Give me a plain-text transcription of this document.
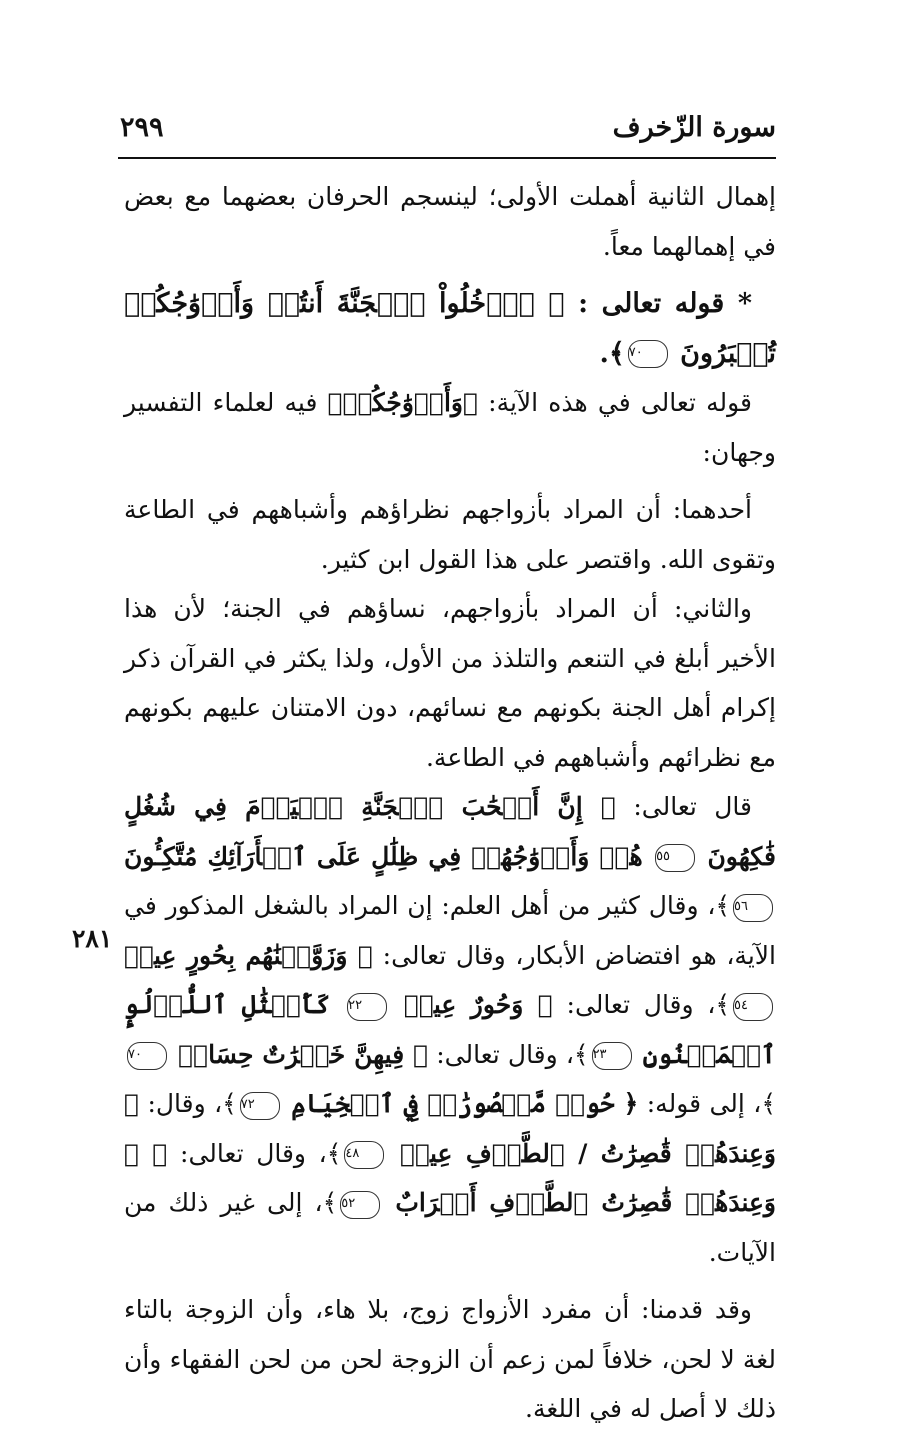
سورة الزّخرف
٢٩٩
٢٨١

إهمال الثانية أهملت الأولى؛ لينسجم الحرفان بعضهما مع بعض في إهمالهما معاً.

* قوله تعالى : ﴿ ٱدۡخُلُواْ ٱلۡجَنَّةَ أَنتُمۡ وَأَزۡوَٰجُكُمۡ تُحۡبَرُونَ ٧٠﴾.

قوله تعالى في هذه الآية: ﴿وَأَزۡوَٰجُكُمۡ﴾ فيه لعلماء التفسير وجهان:

أحدهما: أن المراد بأزواجهم نظراؤهم وأشباههم في الطاعة وتقوى الله. واقتصر على هذا القول ابن كثير.

والثاني: أن المراد بأزواجهم، نساؤهم في الجنة؛ لأن هذا الأخير أبلغ في التنعم والتلذذ من الأول، ولذا يكثر في القرآن ذكر إكرام أهل الجنة بكونهم مع نسائهم، دون الامتنان عليهم بكونهم مع نظرائهم وأشباههم في الطاعة.

قال تعالى: ﴿ إِنَّ أَصۡحَٰبَ ٱلۡجَنَّةِ ٱلۡيَوۡمَ فِي شُغُلٍ فَٰكِهُونَ ٥٥ هُمۡ وَأَزۡوَٰجُهُمۡ فِي ظِلَٰلٍ عَلَى ٱلۡأَرَآئِكِ مُتَّكِـُٔونَ ٥٦﴾، وقال كثير من أهل العلم: إن المراد بالشغل المذكور في الآية، هو افتضاض الأبكار، وقال تعالى: ﴿ وَزَوَّجۡنَٰهُم بِحُورٍ عِينٖ ٥٤﴾، وقال تعالى: ﴿ وَحُورٌ عِينٞ ٢٢ كَأَمۡثَٰلِ ٱللُّؤۡلُوِٕ ٱلۡمَكۡنُونِ ٢٣﴾، وقال تعالى: ﴿ فِيهِنَّ خَيۡرَٰتٌ حِسَانٞ ٧٠﴾، إلى قوله: ﴿ حُورٞ مَّقۡصُورَٰتٞ فِي ٱلۡخِيَامِ ٧٢﴾، وقال: ﴿ وَعِندَهُمۡ قَٰصِرَٰتُ / ٱلطَّرۡفِ عِينٞ ٤٨﴾، وقال تعالى: ﴿ ۞ وَعِندَهُمۡ قَٰصِرَٰتُ ٱلطَّرۡفِ أَتۡرَابٌ ٥٢﴾، إلى غير ذلك من الآيات.

وقد قدمنا: أن مفرد الأزواج زوج، بلا هاء، وأن الزوجة بالتاء لغة لا لحن، خلافاً لمن زعم أن الزوجة لحن من لحن الفقهاء وأن ذلك لا أصل له في اللغة.
